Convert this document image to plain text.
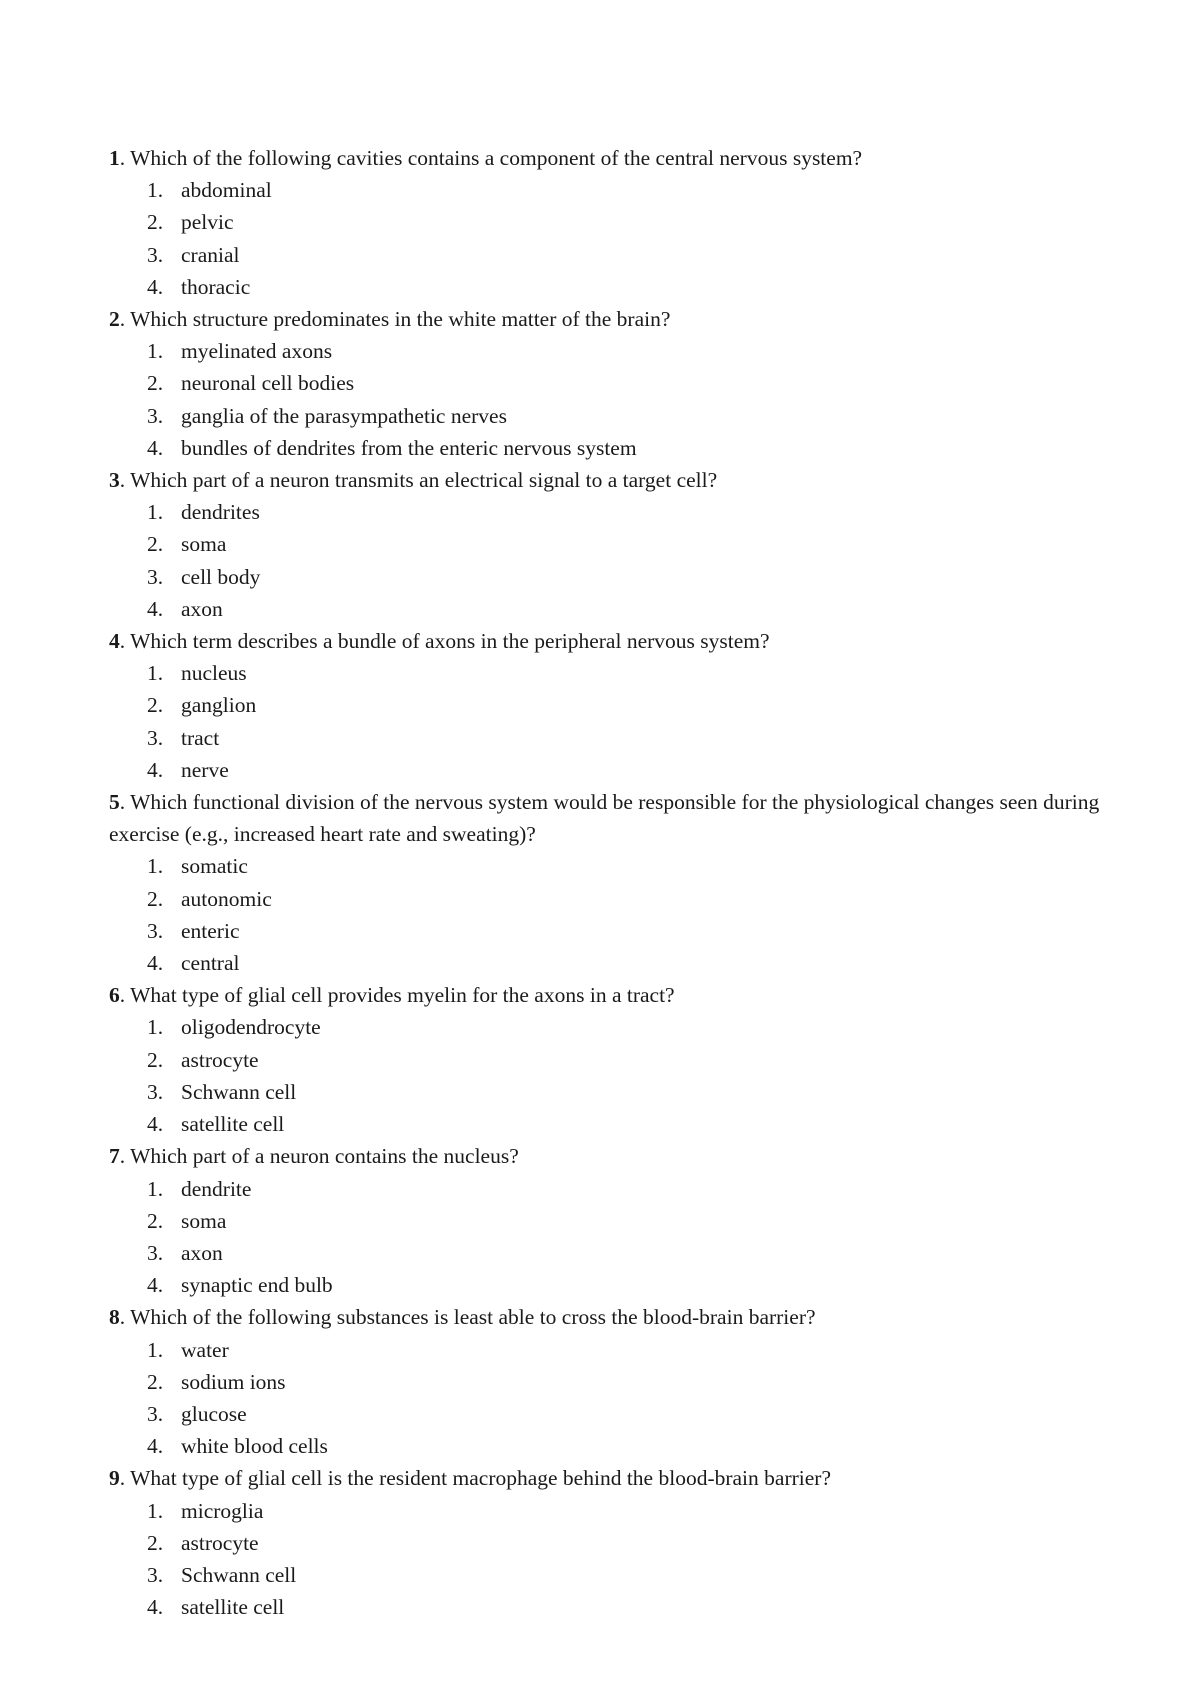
1. Which of the following cavities contains a component of the central nervous system?

1. abdominal
2. pelvic
3. cranial
4. thoracic

2. Which structure predominates in the white matter of the brain?

1. myelinated axons
2. neuronal cell bodies
3. ganglia of the parasympathetic nerves
4. bundles of dendrites from the enteric nervous system

3. Which part of a neuron transmits an electrical signal to a target cell?

1. dendrites
2. soma
3. cell body
4. axon

4. Which term describes a bundle of axons in the peripheral nervous system?

1. nucleus
2. ganglion
3. tract
4. nerve

5. Which functional division of the nervous system would be responsible for the physiological changes seen during exercise (e.g., increased heart rate and sweating)?

1. somatic
2. autonomic
3. enteric
4. central

6. What type of glial cell provides myelin for the axons in a tract?

1. oligodendrocyte
2. astrocyte
3. Schwann cell
4. satellite cell

7. Which part of a neuron contains the nucleus?

1. dendrite
2. soma
3. axon
4. synaptic end bulb

8. Which of the following substances is least able to cross the blood-brain barrier?

1. water
2. sodium ions
3. glucose
4. white blood cells

9. What type of glial cell is the resident macrophage behind the blood-brain barrier?

1. microglia
2. astrocyte
3. Schwann cell
4. satellite cell
